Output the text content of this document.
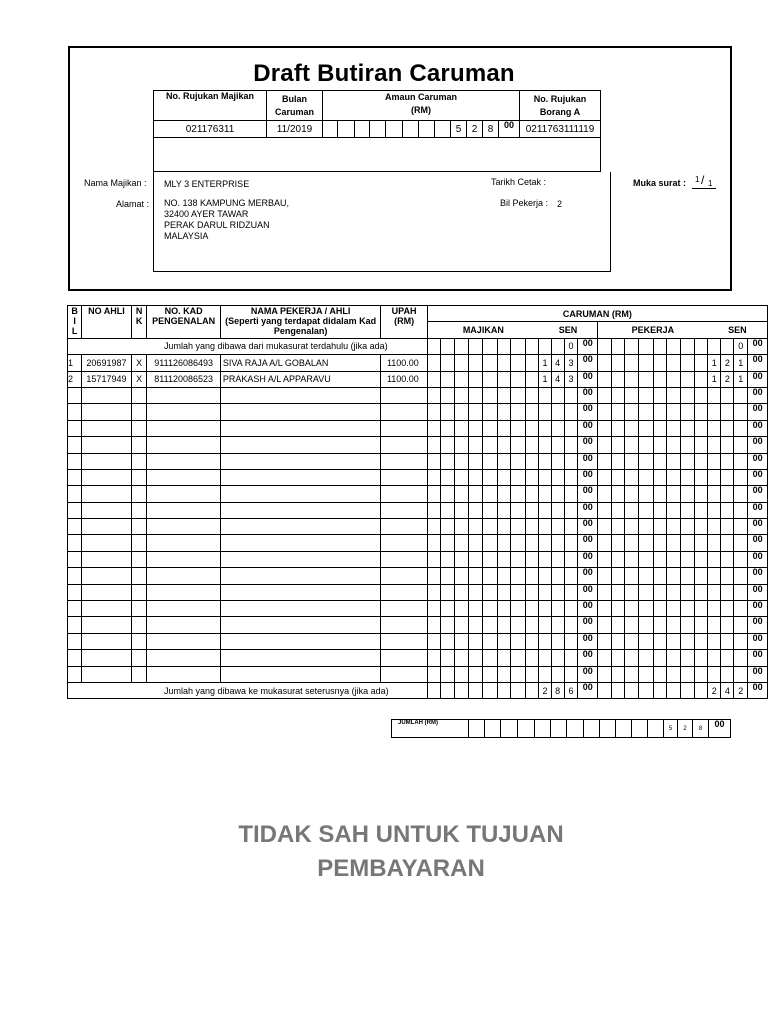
Draft Butiran Caruman
No. Rujukan Majikan	Bulan
Caruman	Amaun Caruman
(RM)												No. Rujukan
Borang A
021176311	11/2019									5	2	8	00	0211763111119

Nama Majikan : MLY 3 ENTERPRISE
Alamat : NO. 138 KAMPUNG MERBAU,
32400 AYER TAWAR
PERAK DARUL RIDZUAN
MALAYSIA
Tarikh Cetak :
Bil Pekerja : 2
Muka surat : 1 / 1
B
I
L	NO AHLI	N
K	NO. KAD
PENGENALAN	NAMA PEKERJA / AHLI
(Seperti yang terdapat didalam Kad Pengenalan)	UPAH
(RM)	CARUMAN (RM)																							
						MAJIKAN								SEN				PEKERJA								SEN			
Jumlah yang dibawa dari mukasurat terdahulu (jika ada)																0	00											0	00
1	20691987	X	911126086493	SIVA RAJA A/L GOBALAN	1100.00									1	4	3	00									1	2	1	00
2	15717949	X	811120086523	PRAKASH A/L APPARAVU	1100.00									1	4	3	00									1	2	1	00
																	00												00
																	00												00
																	00												00
																	00												00
																	00												00
																	00												00
																	00												00
																	00												00
																	00												00
																	00												00
																	00												00
																	00												00
																	00												00
																	00												00
																	00												00
																	00												00
																	00												00
																	00												00
Jumlah yang dibawa ke mukasurat seterusnya (jika ada)														2	8	6	00									2	4	2	00
JUMLAH (RM)													5	2	8	00
TIDAK SAH UNTUK TUJUAN
PEMBAYARAN
